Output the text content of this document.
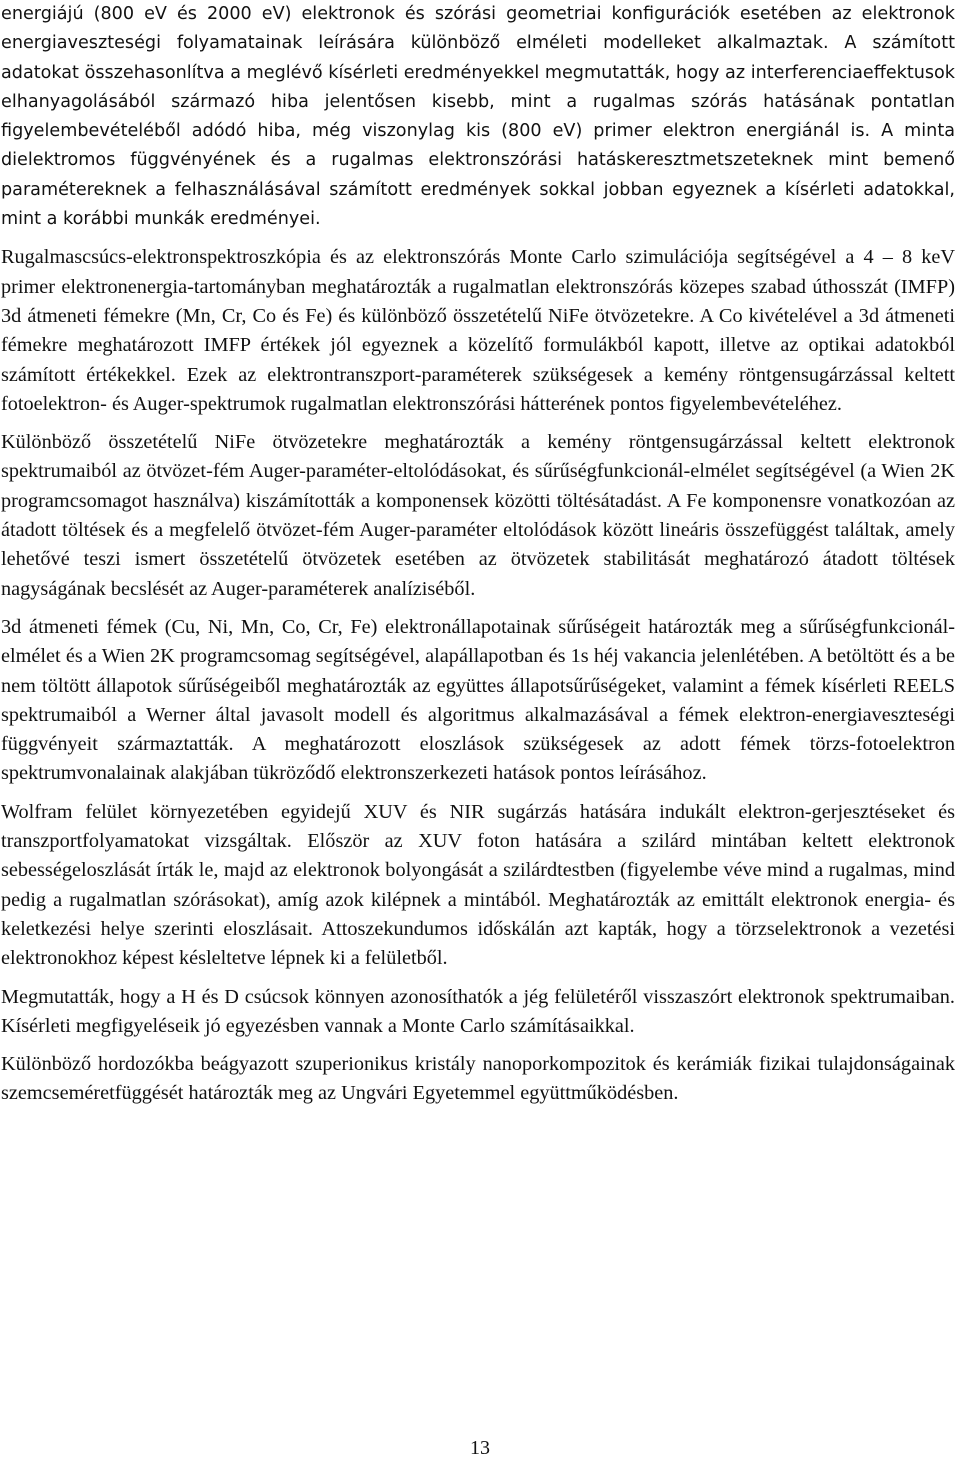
energiájú (800 eV és 2000 eV) elektronok és szórási geometriai konfigurációk esetében az elektronok energiaveszteségi folyamatainak leírására különböző elméleti modelleket alkalmaztak. A számított adatokat összehasonlítva a meglévő kísérleti eredményekkel megmutatták, hogy az interferenciaeffektusok elhanyagolásából származó hiba jelentősen kisebb, mint a rugalmas szórás hatásának pontatlan figyelembevételéből adódó hiba, még viszonylag kis (800 eV) primer elektron energiánál is. A minta dielektromos függvényének és a rugalmas elektronszórási hatáskeresztmetszeteknek mint bemenő paramétereknek a felhasználásával számított eredmények sokkal jobban egyeznek a kísérleti adatokkal, mint a korábbi munkák eredményei.

Rugalmascsúcs-elektronspektroszkópia és az elektronszórás Monte Carlo szimulációja segítségével a 4 – 8 keV primer elektronenergia-tartományban meghatározták a rugalmatlan elektronszórás közepes szabad úthosszát (IMFP) 3d átmeneti fémekre (Mn, Cr, Co és Fe) és különböző összetételű NiFe ötvözetekre. A Co kivételével a 3d átmeneti fémekre meghatározott IMFP értékek jól egyeznek a közelítő formulákból kapott, illetve az optikai adatokból számított értékekkel. Ezek az elektrontranszport-paraméterek szükségesek a kemény röntgensugárzással keltett fotoelektron- és Auger-spektrumok rugalmatlan elektronszórási hátterének pontos figyelembevételéhez.

Különböző összetételű NiFe ötvözetekre meghatározták a kemény röntgensugárzással keltett elektronok spektrumaiból az ötvözet-fém Auger-paraméter-eltolódásokat, és sűrűségfunkcionál-elmélet segítségével (a Wien 2K programcsomagot használva) kiszámították a komponensek közötti töltésátadást. A Fe komponensre vonatkozóan az átadott töltések és a megfelelő ötvözet-fém Auger-paraméter eltolódások között lineáris összefüggést találtak, amely lehetővé teszi ismert összetételű ötvözetek esetében az ötvözetek stabilitását meghatározó átadott töltések nagyságának becslését az Auger-paraméterek analíziséből.

3d átmeneti fémek (Cu, Ni, Mn, Co, Cr, Fe) elektronállapotainak sűrűségeit határozták meg a sűrűségfunkcionál-elmélet és a Wien 2K programcsomag segítségével, alapállapotban és 1s héj vakancia jelenlétében. A betöltött és a be nem töltött állapotok sűrűségeiből meghatározták az együttes állapotsűrűségeket, valamint a fémek kísérleti REELS spektrumaiból a Werner által javasolt modell és algoritmus alkalmazásával a fémek elektron-energiaveszteségi függvényeit származtatták. A meghatározott eloszlások szükségesek az adott fémek törzs-fotoelektron spektrumvonalainak alakjában tükröződő elektronszerkezeti hatások pontos leírásához.

Wolfram felület környezetében egyidejű XUV és NIR sugárzás hatására indukált elektron-gerjesztéseket és transzportfolyamatokat vizsgáltak. Először az XUV foton hatására a szilárd mintában keltett elektronok sebességeloszlását írták le, majd az elektronok bolyongását a szilárdtestben (figyelembe véve mind a rugalmas, mind pedig a rugalmatlan szórásokat), amíg azok kilépnek a mintából. Meghatározták az emittált elektronok energia- és keletkezési helye szerinti eloszlásait. Attoszekundumos időskálán azt kapták, hogy a törzselektronok a vezetési elektronokhoz képest késleltetve lépnek ki a felületből.

Megmutatták, hogy a H és D csúcsok könnyen azonosíthatók a jég felületéről visszaszórt elektronok spektrumaiban. Kísérleti megfigyeléseik jó egyezésben vannak a Monte Carlo számításaikkal.

Különböző hordozókba beágyazott szuperionikus kristály nanoporkompozitok és kerámiák fizikai tulajdonságainak szemcseméretfüggését határozták meg az Ungvári Egyetemmel együttműködésben.

13
